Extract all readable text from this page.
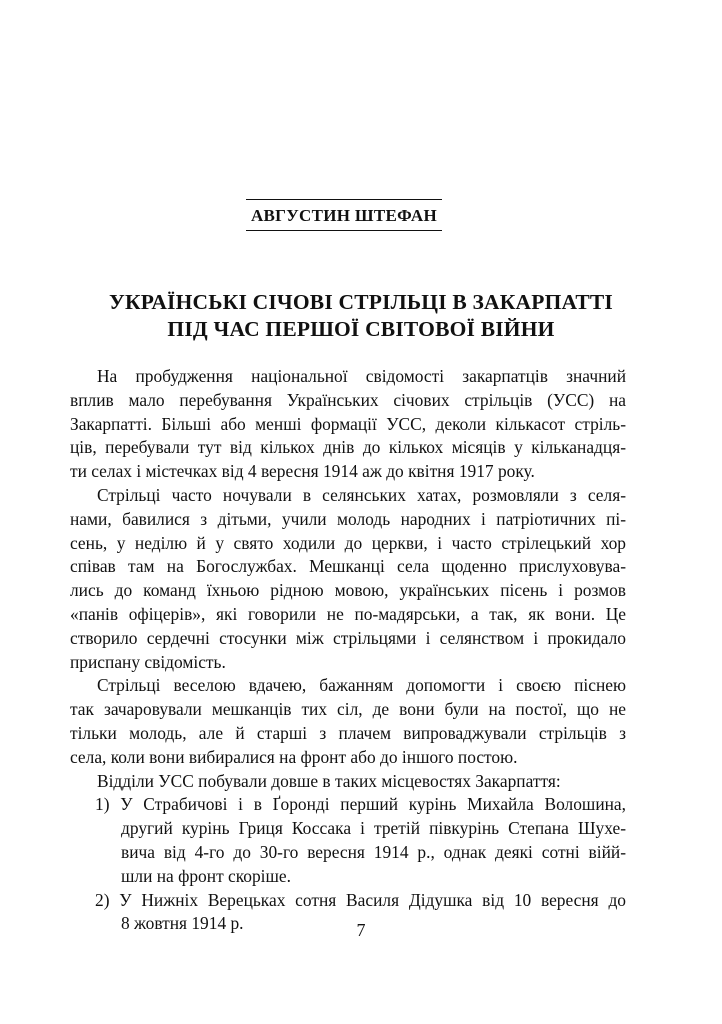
АВГУСТИН ШТЕФАН
УКРАЇНСЬКІ СІЧОВІ СТРІЛЬЦІ В ЗАКАРПАТТІ
ПІД ЧАС ПЕРШОЇ СВІТОВОЇ ВІЙНИ

На пробудження національної свідомості закарпатців значний
вплив мало перебування Українських січових стрільців (УСС) на
Закарпатті. Більші або менші формації УСС, деколи кількасот стріль-
ців, перебували тут від кількох днів до кількох місяців у кільканадця-
ти селах і містечках від 4 вересня 1914 аж до квітня 1917 року.

Стрільці часто ночували в селянських хатах, розмовляли з селя-
нами, бавилися з дітьми, учили молодь народних і патріотичних пі-
сень, у неділю й у свято ходили до церкви, і часто стрілецький хор
співав там на Богослужбах. Мешканці села щоденно прислуховува-
лись до команд їхньою рідною мовою, українських пісень і розмов
«панів офіцерів», які говорили не по-мадярськи, а так, як вони. Це
створило сердечні стосунки між стрільцями і селянством і прокидало
приспану свідомість.

Стрільці веселою вдачею, бажанням допомогти і своєю піснею
так зачаровували мешканців тих сіл, де вони були на постої, що не
тільки молодь, але й старші з плачем випроваджували стрільців з
села, коли вони вибиралися на фронт або до іншого постою.

Відділи УСС побували довше в таких місцевостях Закарпаття:

1) У Страбичові і в Ґоронді перший курінь Михайла Волошина,
другий курінь Гриця Коссака і третій півкурінь Степана Шухе-
вича від 4-го до 30-го вересня 1914 р., однак деякі сотні війй-
шли на фронт скоріше.

2) У Нижніх Верецьках сотня Василя Дідушка від 10 вересня до
8 жовтня 1914 р.	7
